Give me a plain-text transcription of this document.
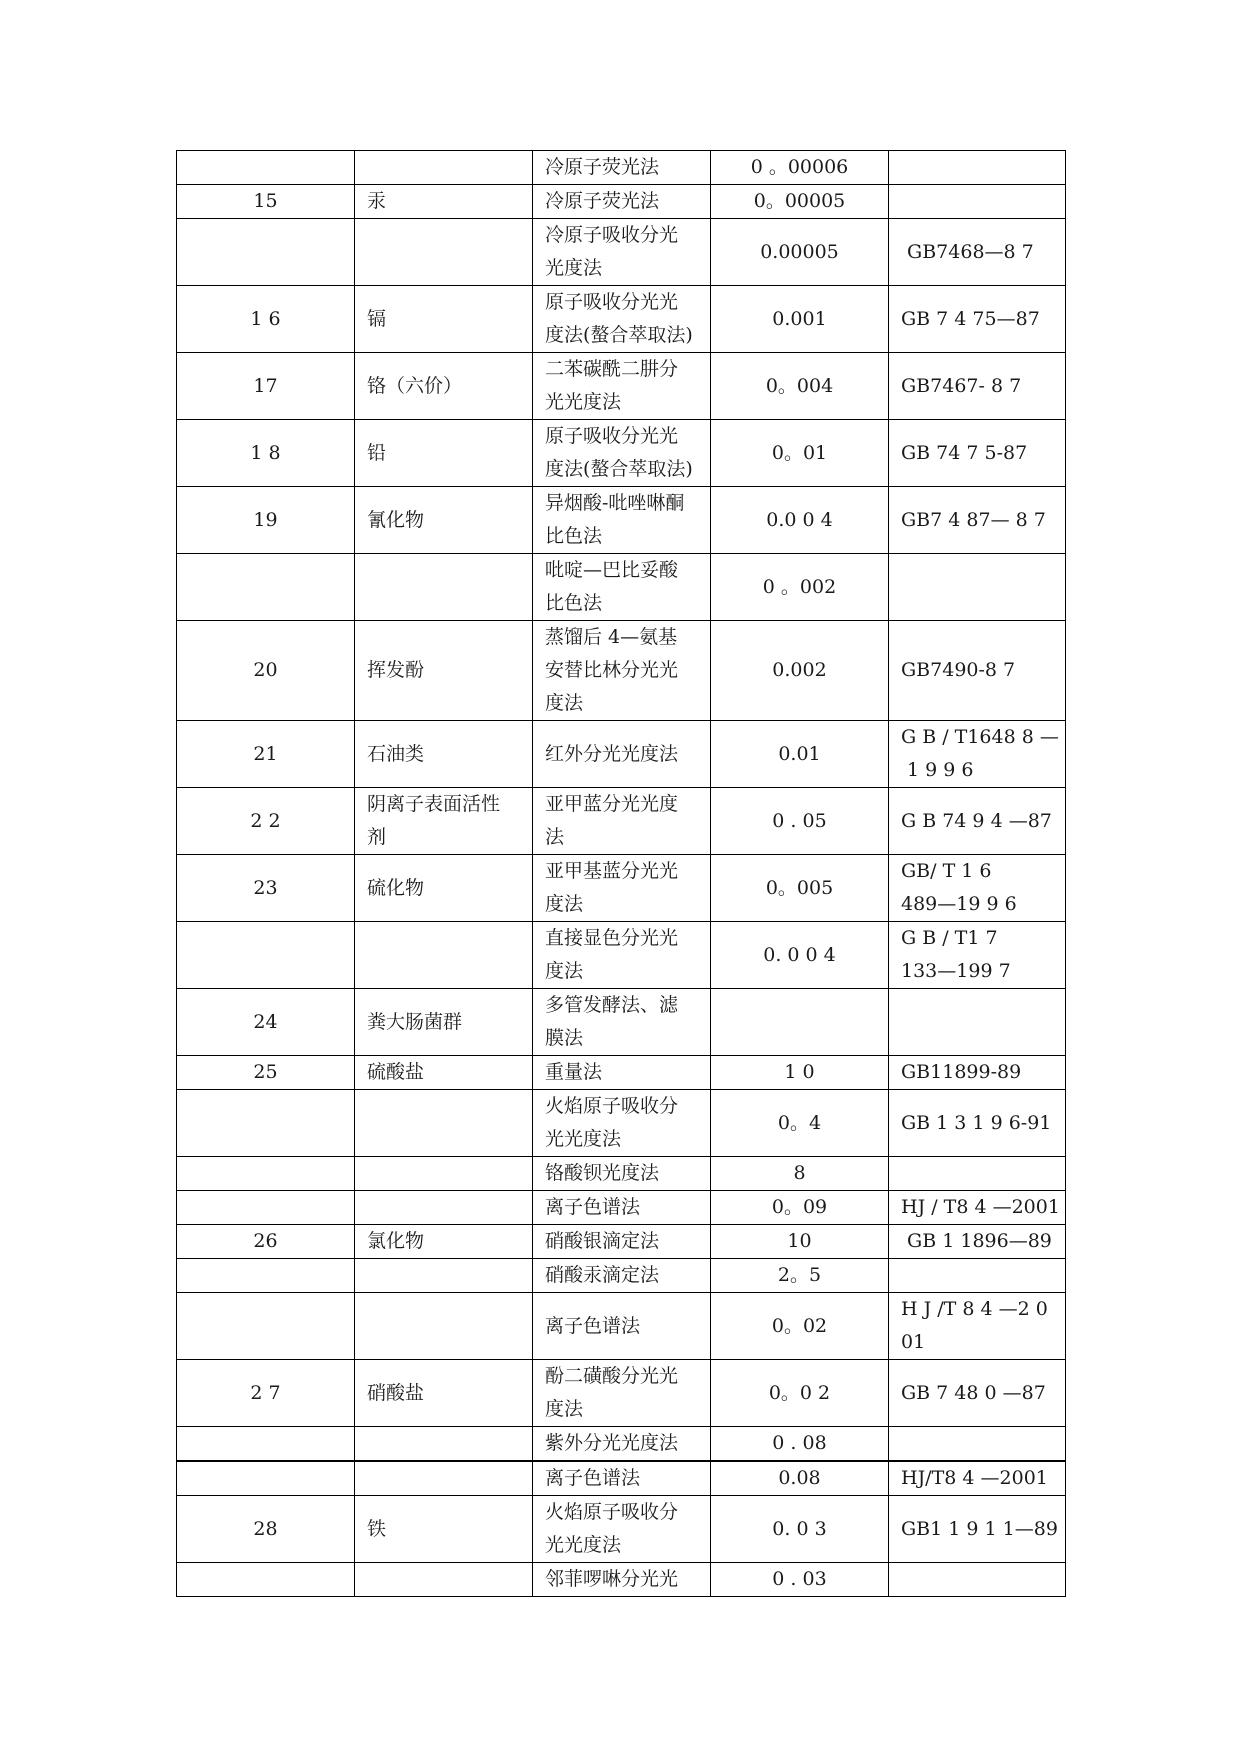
		冷原子荧光法	0 。00006	

15	汞	冷原子荧光法	0。00005	

		冷原子吸收分光
光度法	0.00005	GB7468—8 7

1 6	镉	原子吸收分光光
度法(螯合萃取法)	0.001	GB 7 4 75—87

17	铬（六价）	二苯碳酰二肼分
光光度法	0。004	GB7467- 8 7

1 8	铅	原子吸收分光光
度法(螯合萃取法)	0。01	GB 74 7 5-87

19	氰化物	异烟酸-吡唑啉酮
比色法	0.0 0 4	GB7 4 87— 8 7

		吡啶—巴比妥酸
比色法	0 。002	

20	挥发酚	蒸馏后 4—氨基
安替比林分光光
度法	0.002	GB7490-8 7

21	石油类	红外分光光度法	0.01	G B / T1648 8 —
1 9 9 6

2 2	阴离子表面活性
剂	亚甲蓝分光光度
法	0 . 05	G B 74 9 4 —87

23	硫化物	亚甲基蓝分光光
度法	0。005	GB/ T 1 6
489—19 9 6

		直接显色分光光
度法	0. 0 0 4	G B / T1 7
133—199 7

24	粪大肠菌群	多管发酵法、滤
膜法		

25	硫酸盐	重量法	1 0	GB11899-89

		火焰原子吸收分
光光度法	0。4	GB 1 3 1 9 6-91

		铬酸钡光度法	8	

		离子色谱法	0。09	HJ / T8 4 —2001

26	氯化物	硝酸银滴定法	10	GB 1 1896—89

		硝酸汞滴定法	2。5	

		离子色谱法	0。02	H J /T 8 4 —2 0
01

2 7	硝酸盐	酚二磺酸分光光
度法	0。0 2	GB 7 48 0 —87

		紫外分光光度法	0 . 08	

		离子色谱法	0.08	HJ/T8 4 —2001

28	铁	火焰原子吸收分
光光度法	0. 0 3	GB1 1 9 1 1—89

		邻菲啰啉分光光	0 . 03	
